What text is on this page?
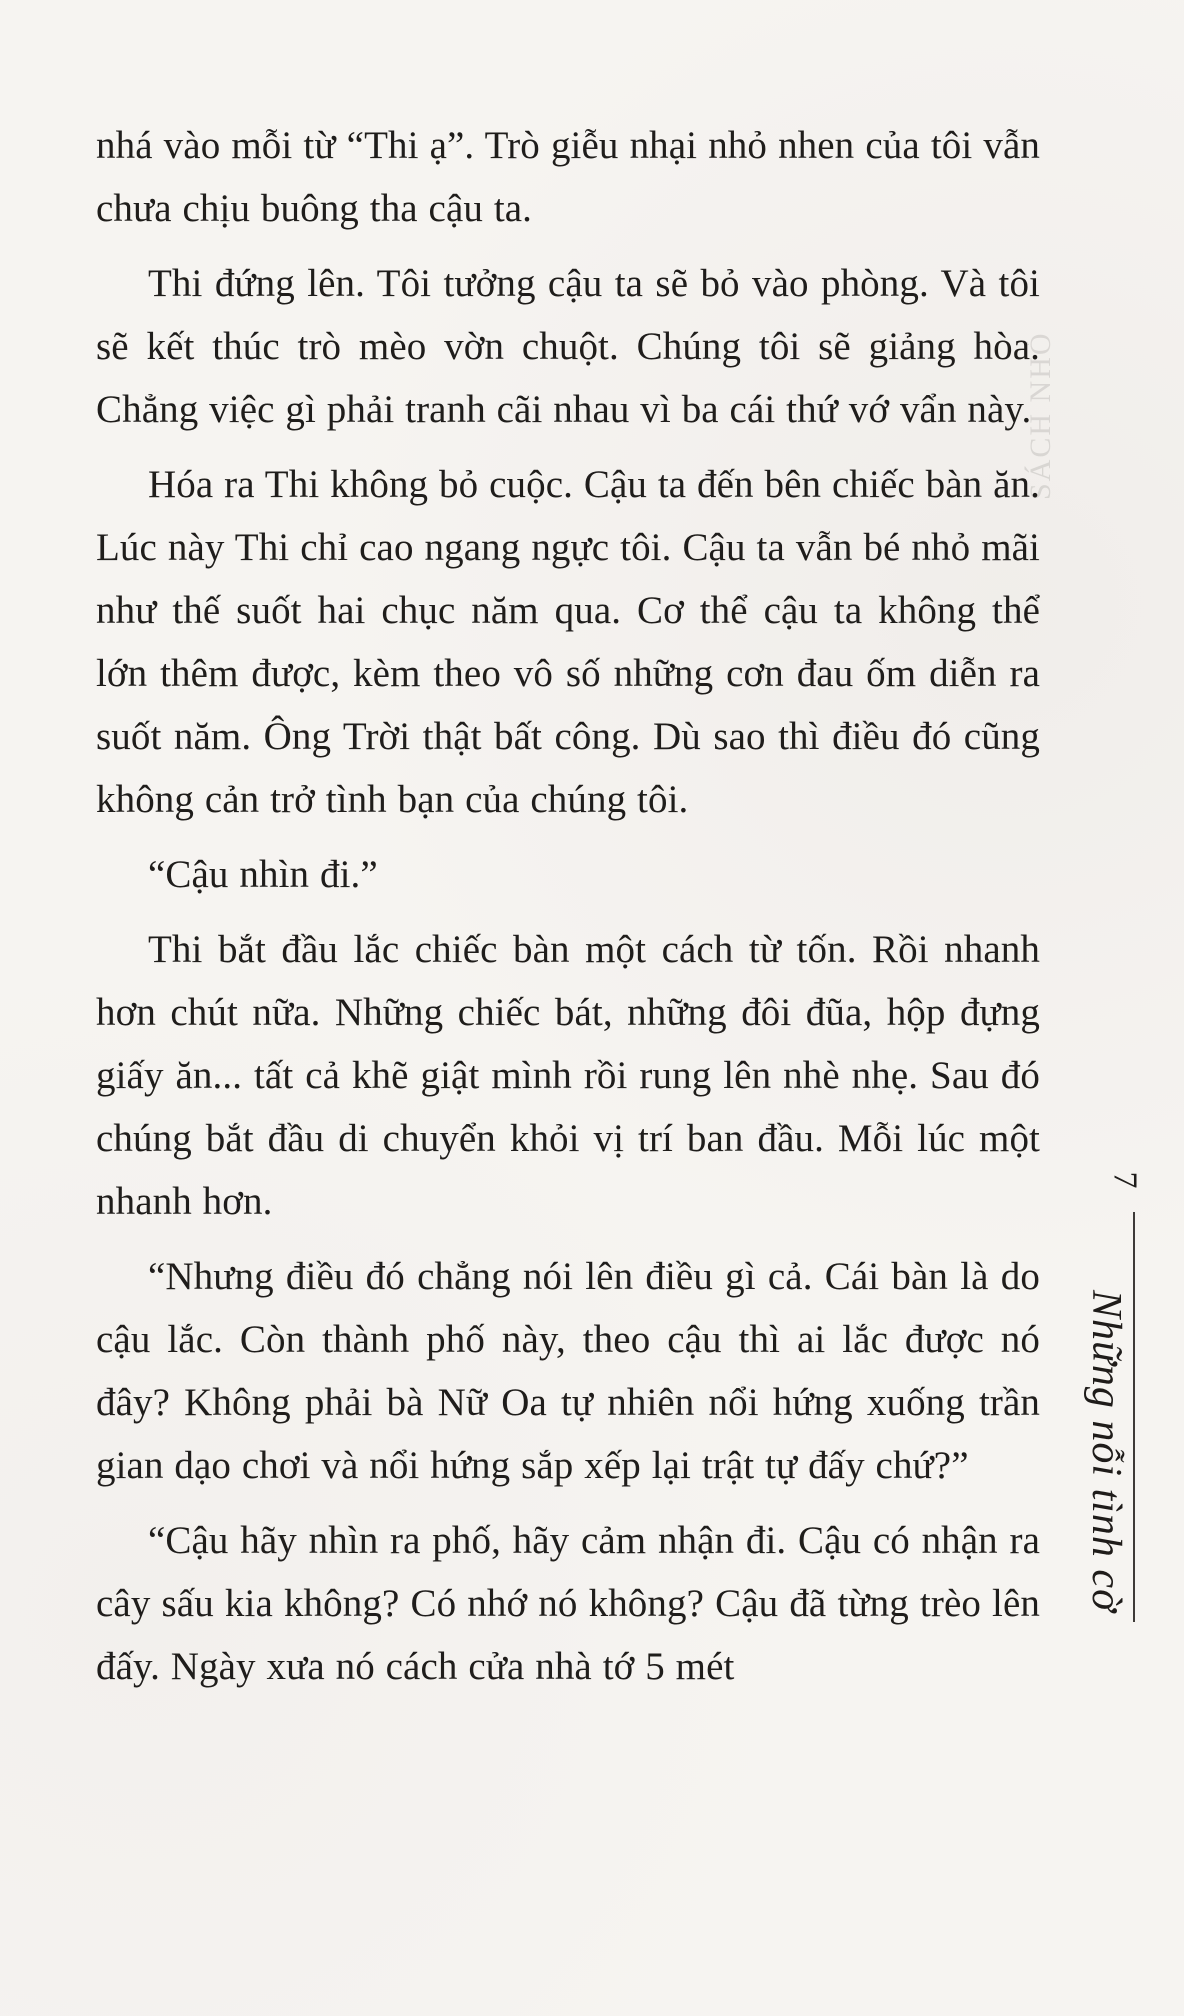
SÁCH NHỎ

nhá vào mỗi từ “Thi ạ”. Trò giễu nhại nhỏ nhen của tôi vẫn chưa chịu buông tha cậu ta.

Thi đứng lên. Tôi tưởng cậu ta sẽ bỏ vào phòng. Và tôi sẽ kết thúc trò mèo vờn chuột. Chúng tôi sẽ giảng hòa. Chẳng việc gì phải tranh cãi nhau vì ba cái thứ vớ vẩn này.

Hóa ra Thi không bỏ cuộc. Cậu ta đến bên chiếc bàn ăn. Lúc này Thi chỉ cao ngang ngực tôi. Cậu ta vẫn bé nhỏ mãi như thế suốt hai chục năm qua. Cơ thể cậu ta không thể lớn thêm được, kèm theo vô số những cơn đau ốm diễn ra suốt năm. Ông Trời thật bất công. Dù sao thì điều đó cũng không cản trở tình bạn của chúng tôi.

“Cậu nhìn đi.”

Thi bắt đầu lắc chiếc bàn một cách từ tốn. Rồi nhanh hơn chút nữa. Những chiếc bát, những đôi đũa, hộp đựng giấy ăn... tất cả khẽ giật mình rồi rung lên nhè nhẹ. Sau đó chúng bắt đầu di chuyển khỏi vị trí ban đầu. Mỗi lúc một nhanh hơn.

“Nhưng điều đó chẳng nói lên điều gì cả. Cái bàn là do cậu lắc. Còn thành phố này, theo cậu thì ai lắc được nó đây? Không phải bà Nữ Oa tự nhiên nổi hứng xuống trần gian dạo chơi và nổi hứng sắp xếp lại trật tự đấy chứ?”

“Cậu hãy nhìn ra phố, hãy cảm nhận đi. Cậu có nhận ra cây sấu kia không? Có nhớ nó không? Cậu đã từng trèo lên đấy. Ngày xưa nó cách cửa nhà tớ 5 mét

7
Những nỗi tình cờ
